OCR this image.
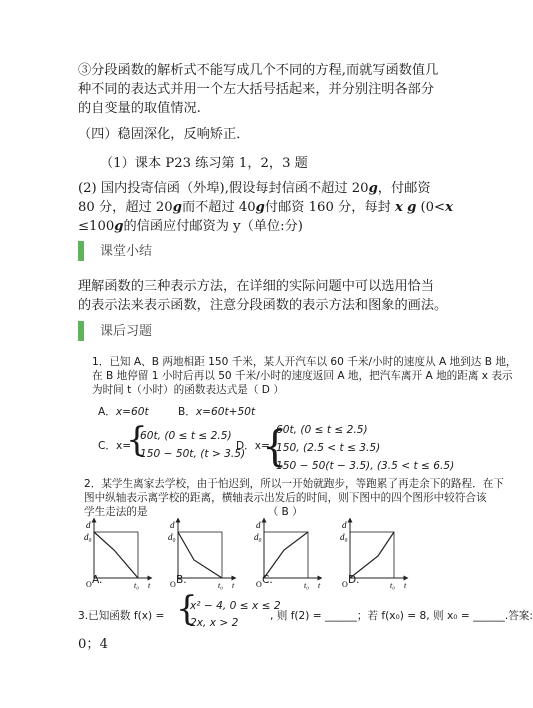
③分段函数的解析式不能写成几个不同的方程,而就写函数值几
种不同的表达式并用一个左大括号括起来，并分别注明各部分
的自变量的取值情况.
（四）稳固深化，反响矫正．
（1）课本 P23 练习第 1，2，3 题
(2) 国内投寄信函（外埠),假设每封信函不超过 20g，付邮资
80 分，超过 20g而不超过 40g付邮资 160 分，每封 x g (0<x
≤100g的信函应付邮资为 y（单位:分)
课堂小结
理解函数的三种表示方法，在详细的实际问题中可以选用恰当
的表示法来表示函数，注意分段函数的表示方法和图象的画法。
课后习题
1．已知 A、B 两地相距 150 千米，某人开汽车以 60 千米/小时的速度从 A 地到达 B 地，
在 B 地停留 1 小时后再以 50 千米/小时的速度返回 A 地，把汽车离开 A 地的距离 x 表示
为时间 t（小时）的函数表达式是（ D ）
A．x=60t	B．x=60t+50t
C．x=
{
60t, (0 ≤ t ≤ 2.5)
150 − 50t, (t > 3.5)
D．x=
{
60t, (0 ≤ t ≤ 2.5)
150, (2.5 < t ≤ 3.5)
150 − 50(t − 3.5), (3.5 < t ≤ 6.5)
2．某学生离家去学校，由于怕迟到，所以一开始就跑步，等跑累了再走余下的路程．在下
图中纵轴表示离学校的距离，横轴表示出发后的时间，则下图中的四个图形中较符合该
学生走法的是	（ B ）
d
d₀
O	t₀ t
d
d₀
O	t₀ t
d
d₀
O	t₀ t
d
d₀
O	t₀ t
A.	B.	C.	D.
3.已知函数 f(x) = {
x² − 4, 0 ≤ x ≤ 2
2x, x > 2
, 则 f(2) = ______；若 f(x₀) = 8, 则 x₀ = ______.答案:
0；4
